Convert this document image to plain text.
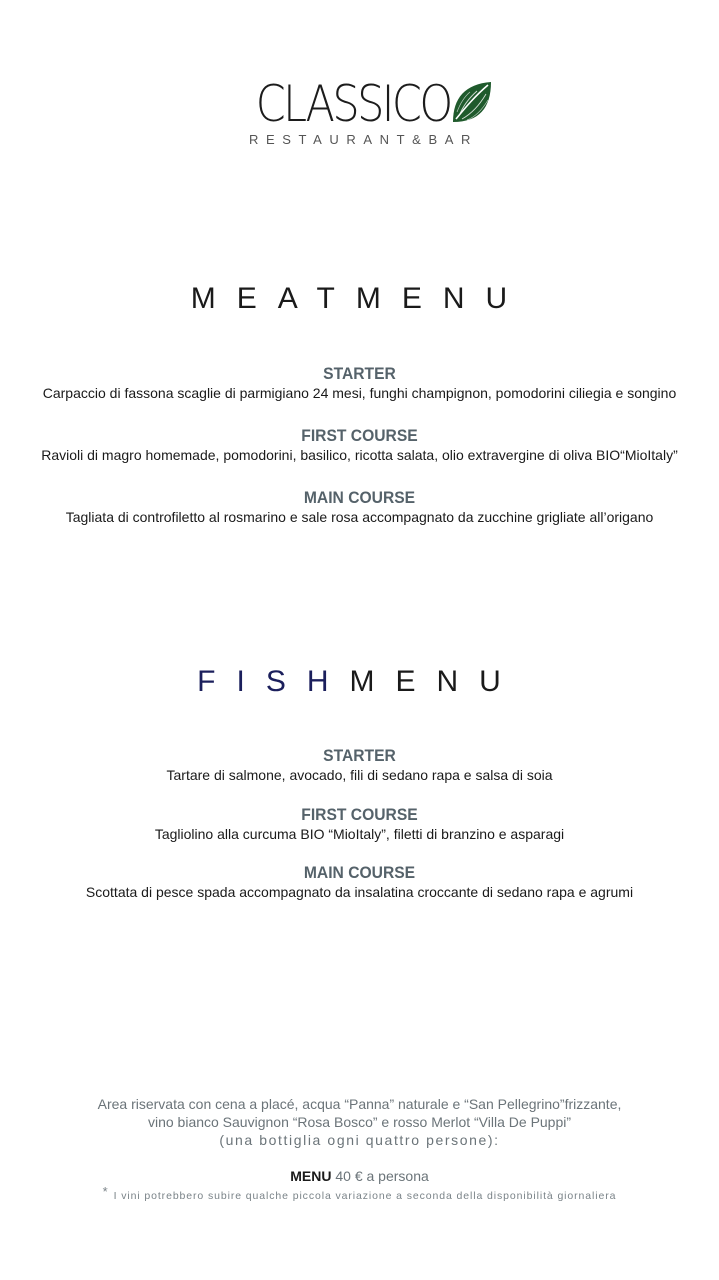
CLASSICO
RESTAURANT&BAR
MEATMENU
STARTER
Carpaccio di fassona scaglie di parmigiano 24 mesi, funghi champignon, pomodorini ciliegia e songino
FIRST COURSE
Ravioli di magro homemade, pomodorini, basilico, ricotta salata, olio extravergine di oliva BIO“MioItaly”
MAIN COURSE
Tagliata di controfiletto al rosmarino e sale rosa accompagnato da zucchine grigliate all’origano
FISHMENU
STARTER
Tartare di salmone, avocado, fili di sedano rapa e salsa di soia
FIRST COURSE
Tagliolino alla curcuma BIO “MioItaly”, filetti di branzino e asparagi
MAIN COURSE
Scottata di pesce spada accompagnato da insalatina croccante di sedano rapa e agrumi
Area riservata con cena a placé, acqua “Panna” naturale e “San Pellegrino”frizzante,
vino bianco Sauvignon “Rosa Bosco” e rosso Merlot “Villa De Puppi”
(una bottiglia ogni quattro persone):
MENU 40 € a persona
* I vini potrebbero subire qualche piccola variazione a seconda della disponibilità giornaliera
